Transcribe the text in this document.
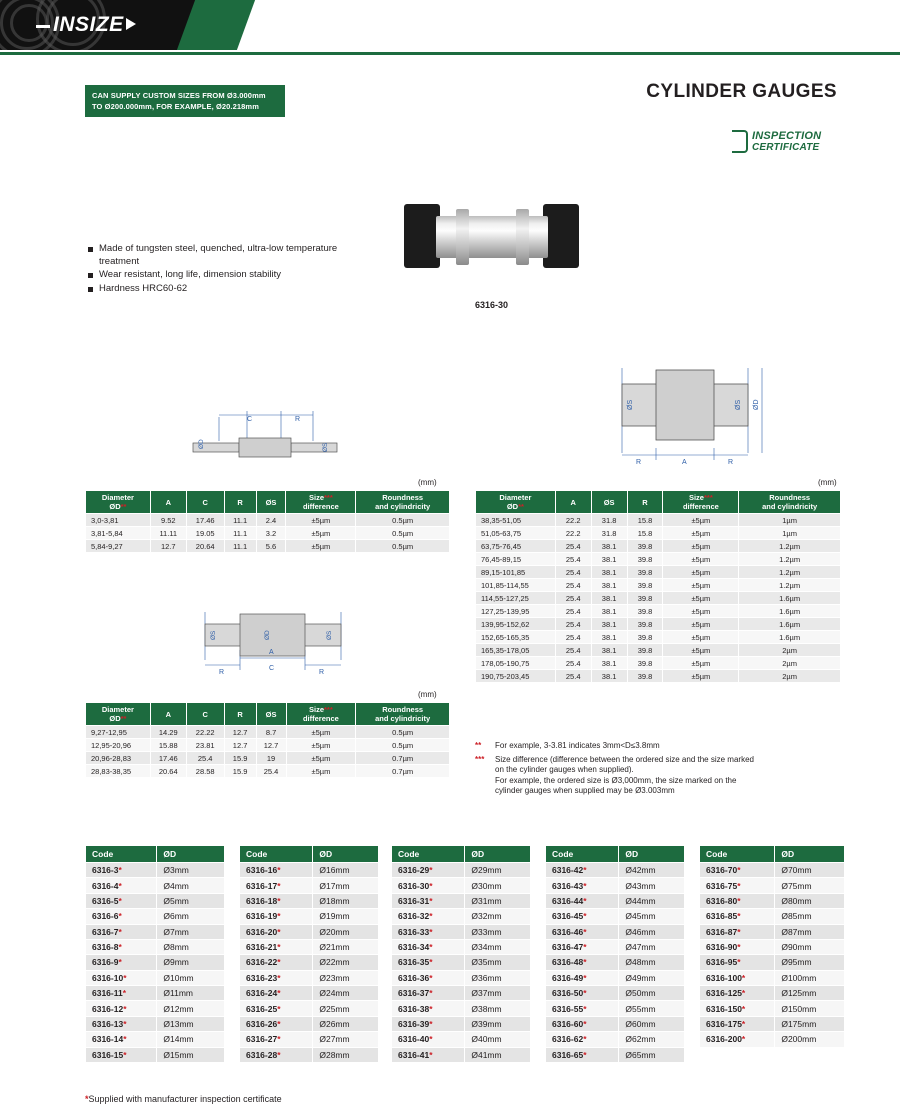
INSIZE
CAN SUPPLY CUSTOM SIZES FROM Ø3.000mm TO Ø200.000mm, FOR EXAMPLE, Ø20.218mm
CYLINDER GAUGES
INSPECTION
CERTIFICATE
Made of tungsten steel, quenched, ultra-low temperature treatment
Wear resistant, long life, dimension stability
Hardness HRC60-62
6316-30
ØS	ØS ØD
R	A	R
ØD
C	R
ØS
ØS	ØS
ØD
A
C
R	R
(mm)	(mm)
(mm)
Diameter
ØD**	A	C	R	ØS	Size***
difference	Roundness
and cylindricity
3,0-3,81	9.52	17.46	11.1	2.4	±5µm	0.5µm
3,81-5,84	11.11	19.05	11.1	3.2	±5µm	0.5µm
5,84-9,27	12.7	20.64	11.1	5.6	±5µm	0.5µm
Diameter
ØD**	A	C	R	ØS	Size***
difference	Roundness
and cylindricity
9,27-12,95	14.29	22.22	12.7	8.7	±5µm	0.5µm
12,95-20,96	15.88	23.81	12.7	12.7	±5µm	0.5µm
20,96-28,83	17.46	25.4	15.9	19	±5µm	0.7µm
28,83-38,35	20.64	28.58	15.9	25.4	±5µm	0.7µm
Diameter
ØD**	A	ØS	R	Size***
difference	Roundness
and cylindricity
38,35-51,05	22.2	31.8	15.8	±5µm	1µm
51,05-63,75	22.2	31.8	15.8	±5µm	1µm
63,75-76,45	25.4	38.1	39.8	±5µm	1.2µm
76,45-89,15	25.4	38.1	39.8	±5µm	1.2µm
89,15-101,85	25.4	38.1	39.8	±5µm	1.2µm
101,85-114,55	25.4	38.1	39.8	±5µm	1.2µm
114,55-127,25	25.4	38.1	39.8	±5µm	1.6µm
127,25-139,95	25.4	38.1	39.8	±5µm	1.6µm
139,95-152,62	25.4	38.1	39.8	±5µm	1.6µm
152,65-165,35	25.4	38.1	39.8	±5µm	1.6µm
165,35-178,05	25.4	38.1	39.8	±5µm	2µm
178,05-190,75	25.4	38.1	39.8	±5µm	2µm
190,75-203,45	25.4	38.1	39.8	±5µm	2µm
** For example, 3-3.81 indicates 3mm<D≤3.8mm
*** Size difference (difference between the ordered size and the size marked
on the cylinder gauges when supplied).
For example, the ordered size is Ø3,000mm, the size marked on the
cylinder gauges when supplied may be Ø3.003mm
Code	ØD
6316-3*	Ø3mm
6316-4*	Ø4mm
6316-5*	Ø5mm
6316-6*	Ø6mm
6316-7*	Ø7mm
6316-8*	Ø8mm
6316-9*	Ø9mm
6316-10*	Ø10mm
6316-11*	Ø11mm
6316-12*	Ø12mm
6316-13*	Ø13mm
6316-14*	Ø14mm
6316-15*	Ø15mm
Code	ØD
6316-16*	Ø16mm
6316-17*	Ø17mm
6316-18*	Ø18mm
6316-19*	Ø19mm
6316-20*	Ø20mm
6316-21*	Ø21mm
6316-22*	Ø22mm
6316-23*	Ø23mm
6316-24*	Ø24mm
6316-25*	Ø25mm
6316-26*	Ø26mm
6316-27*	Ø27mm
6316-28*	Ø28mm
Code	ØD
6316-29*	Ø29mm
6316-30*	Ø30mm
6316-31*	Ø31mm
6316-32*	Ø32mm
6316-33*	Ø33mm
6316-34*	Ø34mm
6316-35*	Ø35mm
6316-36*	Ø36mm
6316-37*	Ø37mm
6316-38*	Ø38mm
6316-39*	Ø39mm
6316-40*	Ø40mm
6316-41*	Ø41mm
Code	ØD
6316-42*	Ø42mm
6316-43*	Ø43mm
6316-44*	Ø44mm
6316-45*	Ø45mm
6316-46*	Ø46mm
6316-47*	Ø47mm
6316-48*	Ø48mm
6316-49*	Ø49mm
6316-50*	Ø50mm
6316-55*	Ø55mm
6316-60*	Ø60mm
6316-62*	Ø62mm
6316-65*	Ø65mm
Code	ØD
6316-70*	Ø70mm
6316-75*	Ø75mm
6316-80*	Ø80mm
6316-85*	Ø85mm
6316-87*	Ø87mm
6316-90*	Ø90mm
6316-95*	Ø95mm
6316-100*	Ø100mm
6316-125*	Ø125mm
6316-150*	Ø150mm
6316-175*	Ø175mm
6316-200*	Ø200mm
*Supplied with manufacturer inspection certificate
